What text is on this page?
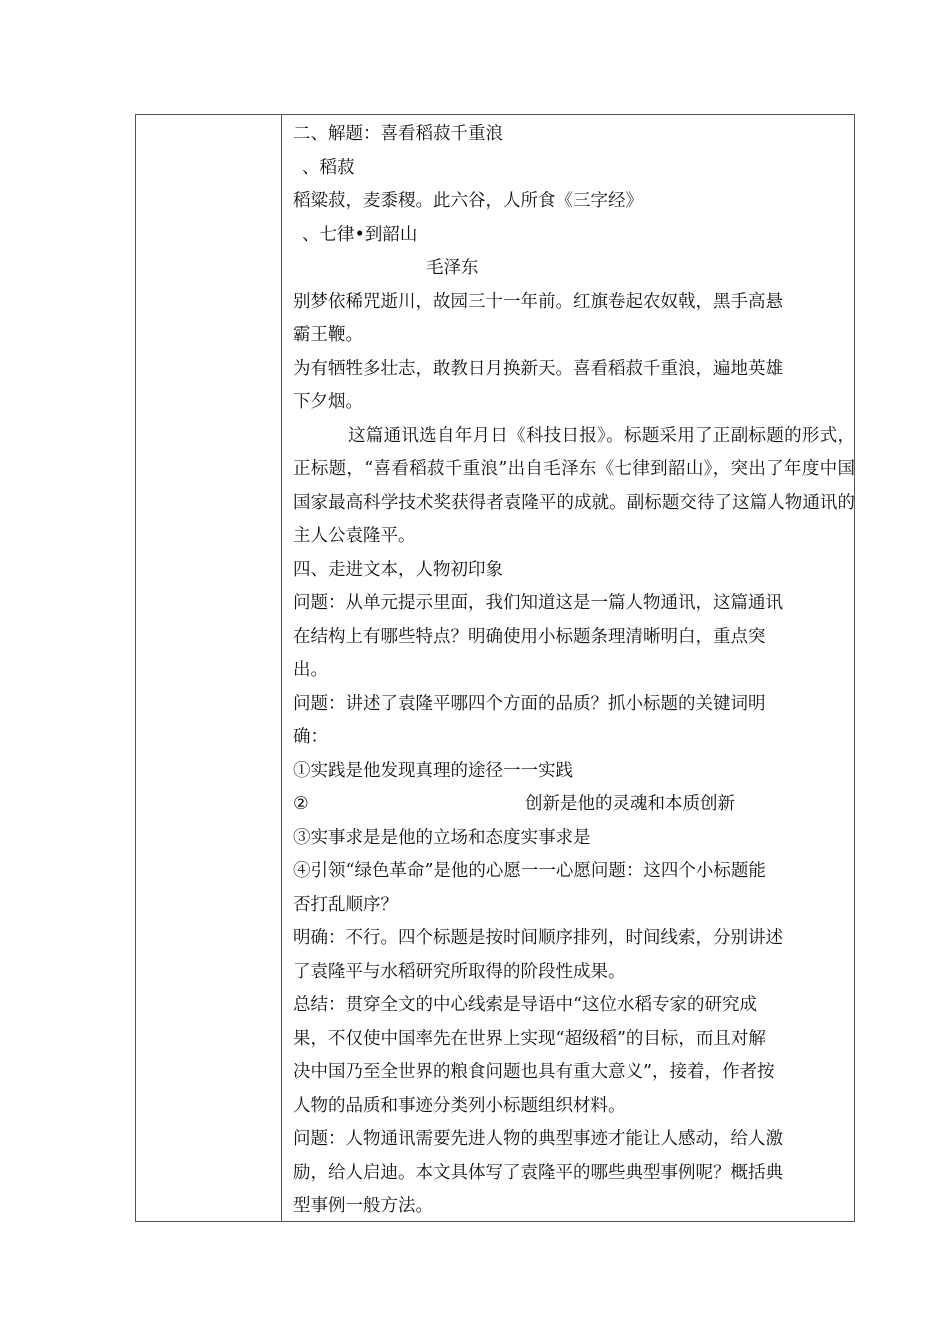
二、解题：喜看稻菽千重浪
、稻菽
稻粱菽，麦黍稷。此六谷，人所食《三字经》
、七律•到韶山
毛泽东
别梦依稀咒逝川，故园三十一年前。红旗卷起农奴戟，黑手高悬
霸王鞭。
为有牺牲多壮志，敢教日月换新天。喜看稻菽千重浪，遍地英雄
下夕烟。
这篇通讯选自年月日《科技日报》。标题采用了正副标题的形式，正标题，“喜看稻菽千重浪”出自毛泽东《七律到韶山》，突出了年度中国国家最高科学技术奖获得者袁隆平的成就。副标题交待了这篇人物通讯的主人公袁隆平。
四、走进文本，人物初印象
问题：从单元提示里面，我们知道这是一篇人物通讯，这篇通讯
在结构上有哪些特点？明确使用小标题条理清晰明白，重点突
出。
问题：讲述了袁隆平哪四个方面的品质？抓小标题的关键词明
确：
①实践是他发现真理的途径一一实践
②	创新是他的灵魂和本质创新
③实事求是是他的立场和态度实事求是
④引领“绿色革命”是他的心愿一一心愿问题：这四个小标题能
否打乱顺序？
明确：不行。四个标题是按时间顺序排列，时间线索，分别讲述
了袁隆平与水稻研究所取得的阶段性成果。
总结：贯穿全文的中心线索是导语中“这位水稻专家的研究成
果，不仅使中国率先在世界上实现“超级稻”的目标，而且对解
决中国乃至全世界的粮食问题也具有重大意义”，接着，作者按
人物的品质和事迹分类列小标题组织材料。
问题：人物通讯需要先进人物的典型事迹才能让人感动，给人激
励，给人启迪。本文具体写了袁隆平的哪些典型事例呢？概括典
型事例一般方法。
